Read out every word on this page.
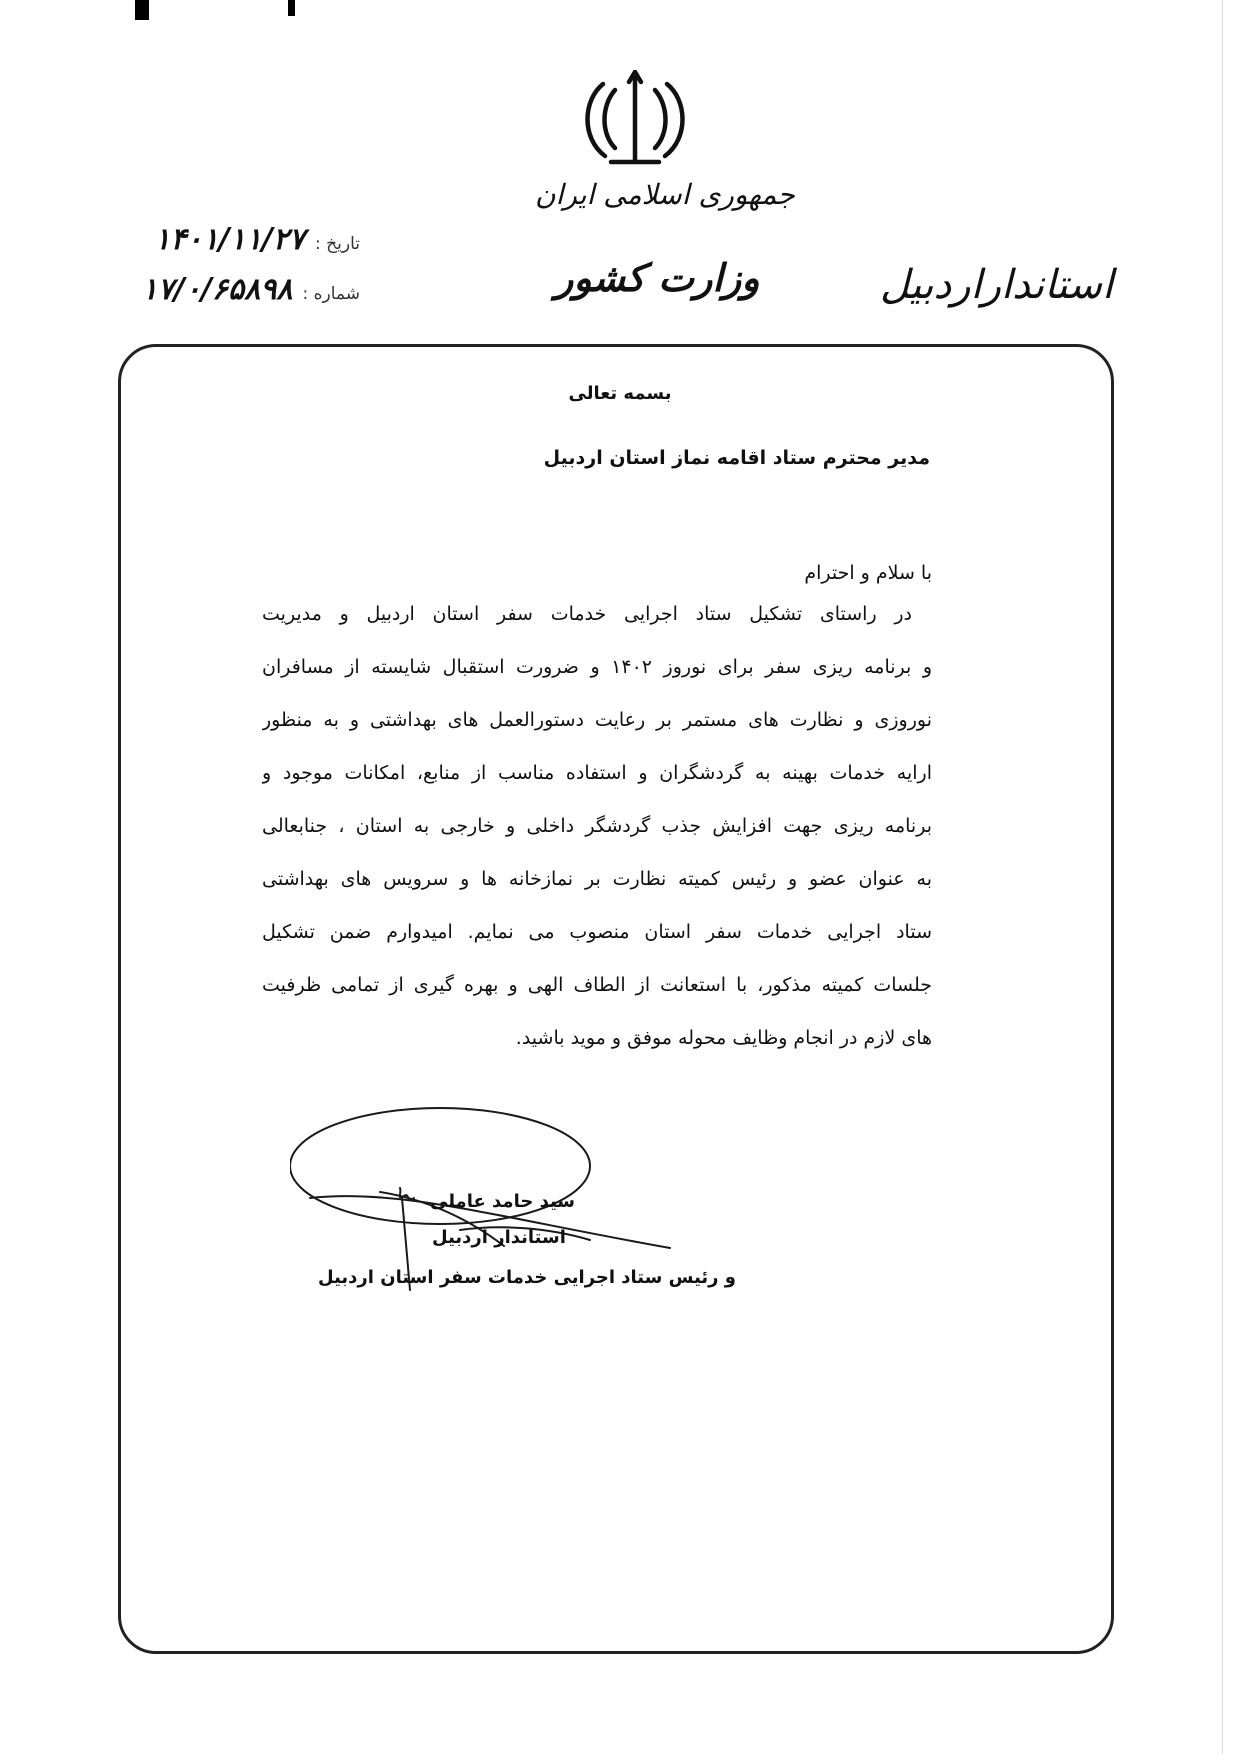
جمهوری اسلامی ایران
وزارت کشور	استانداراردبیل
تاریخ :
۱۴۰۱/۱۱/۲۷
شماره :
۱۷/۰/۶۵۸۹۸
بسمه تعالی
مدیر محترم ستاد اقامه نماز استان اردبیل
با سلام و احترام
در راستای تشکیل ستاد اجرایی خدمات سفر استان اردبیل و مدیریت
و برنامه ریزی سفر برای نوروز ۱۴۰۲ و ضرورت استقبال شایسته از مسافران
نوروزی و نظارت های مستمر بر رعایت دستورالعمل های بهداشتی و به منظور
ارایه خدمات بهینه به گردشگران و استفاده مناسب از منابع، امکانات موجود و
برنامه ریزی جهت افزایش جذب گردشگر داخلی و خارجی به استان ، جنابعالی
به عنوان عضو و رئیس کمیته نظارت بر نمازخانه ها و سرویس های بهداشتی
ستاد اجرایی خدمات سفر استان منصوب می نمایم. امیدوارم ضمن تشکیل
جلسات کمیته مذکور، با استعانت از الطاف الهی و بهره گیری از تمامی ظرفیت
های لازم در انجام وظایف محوله موفق و موید باشید.
سید حامد عاملی
استاندار اردبیل
و رئیس ستاد اجرایی خدمات سفر استان اردبیل
